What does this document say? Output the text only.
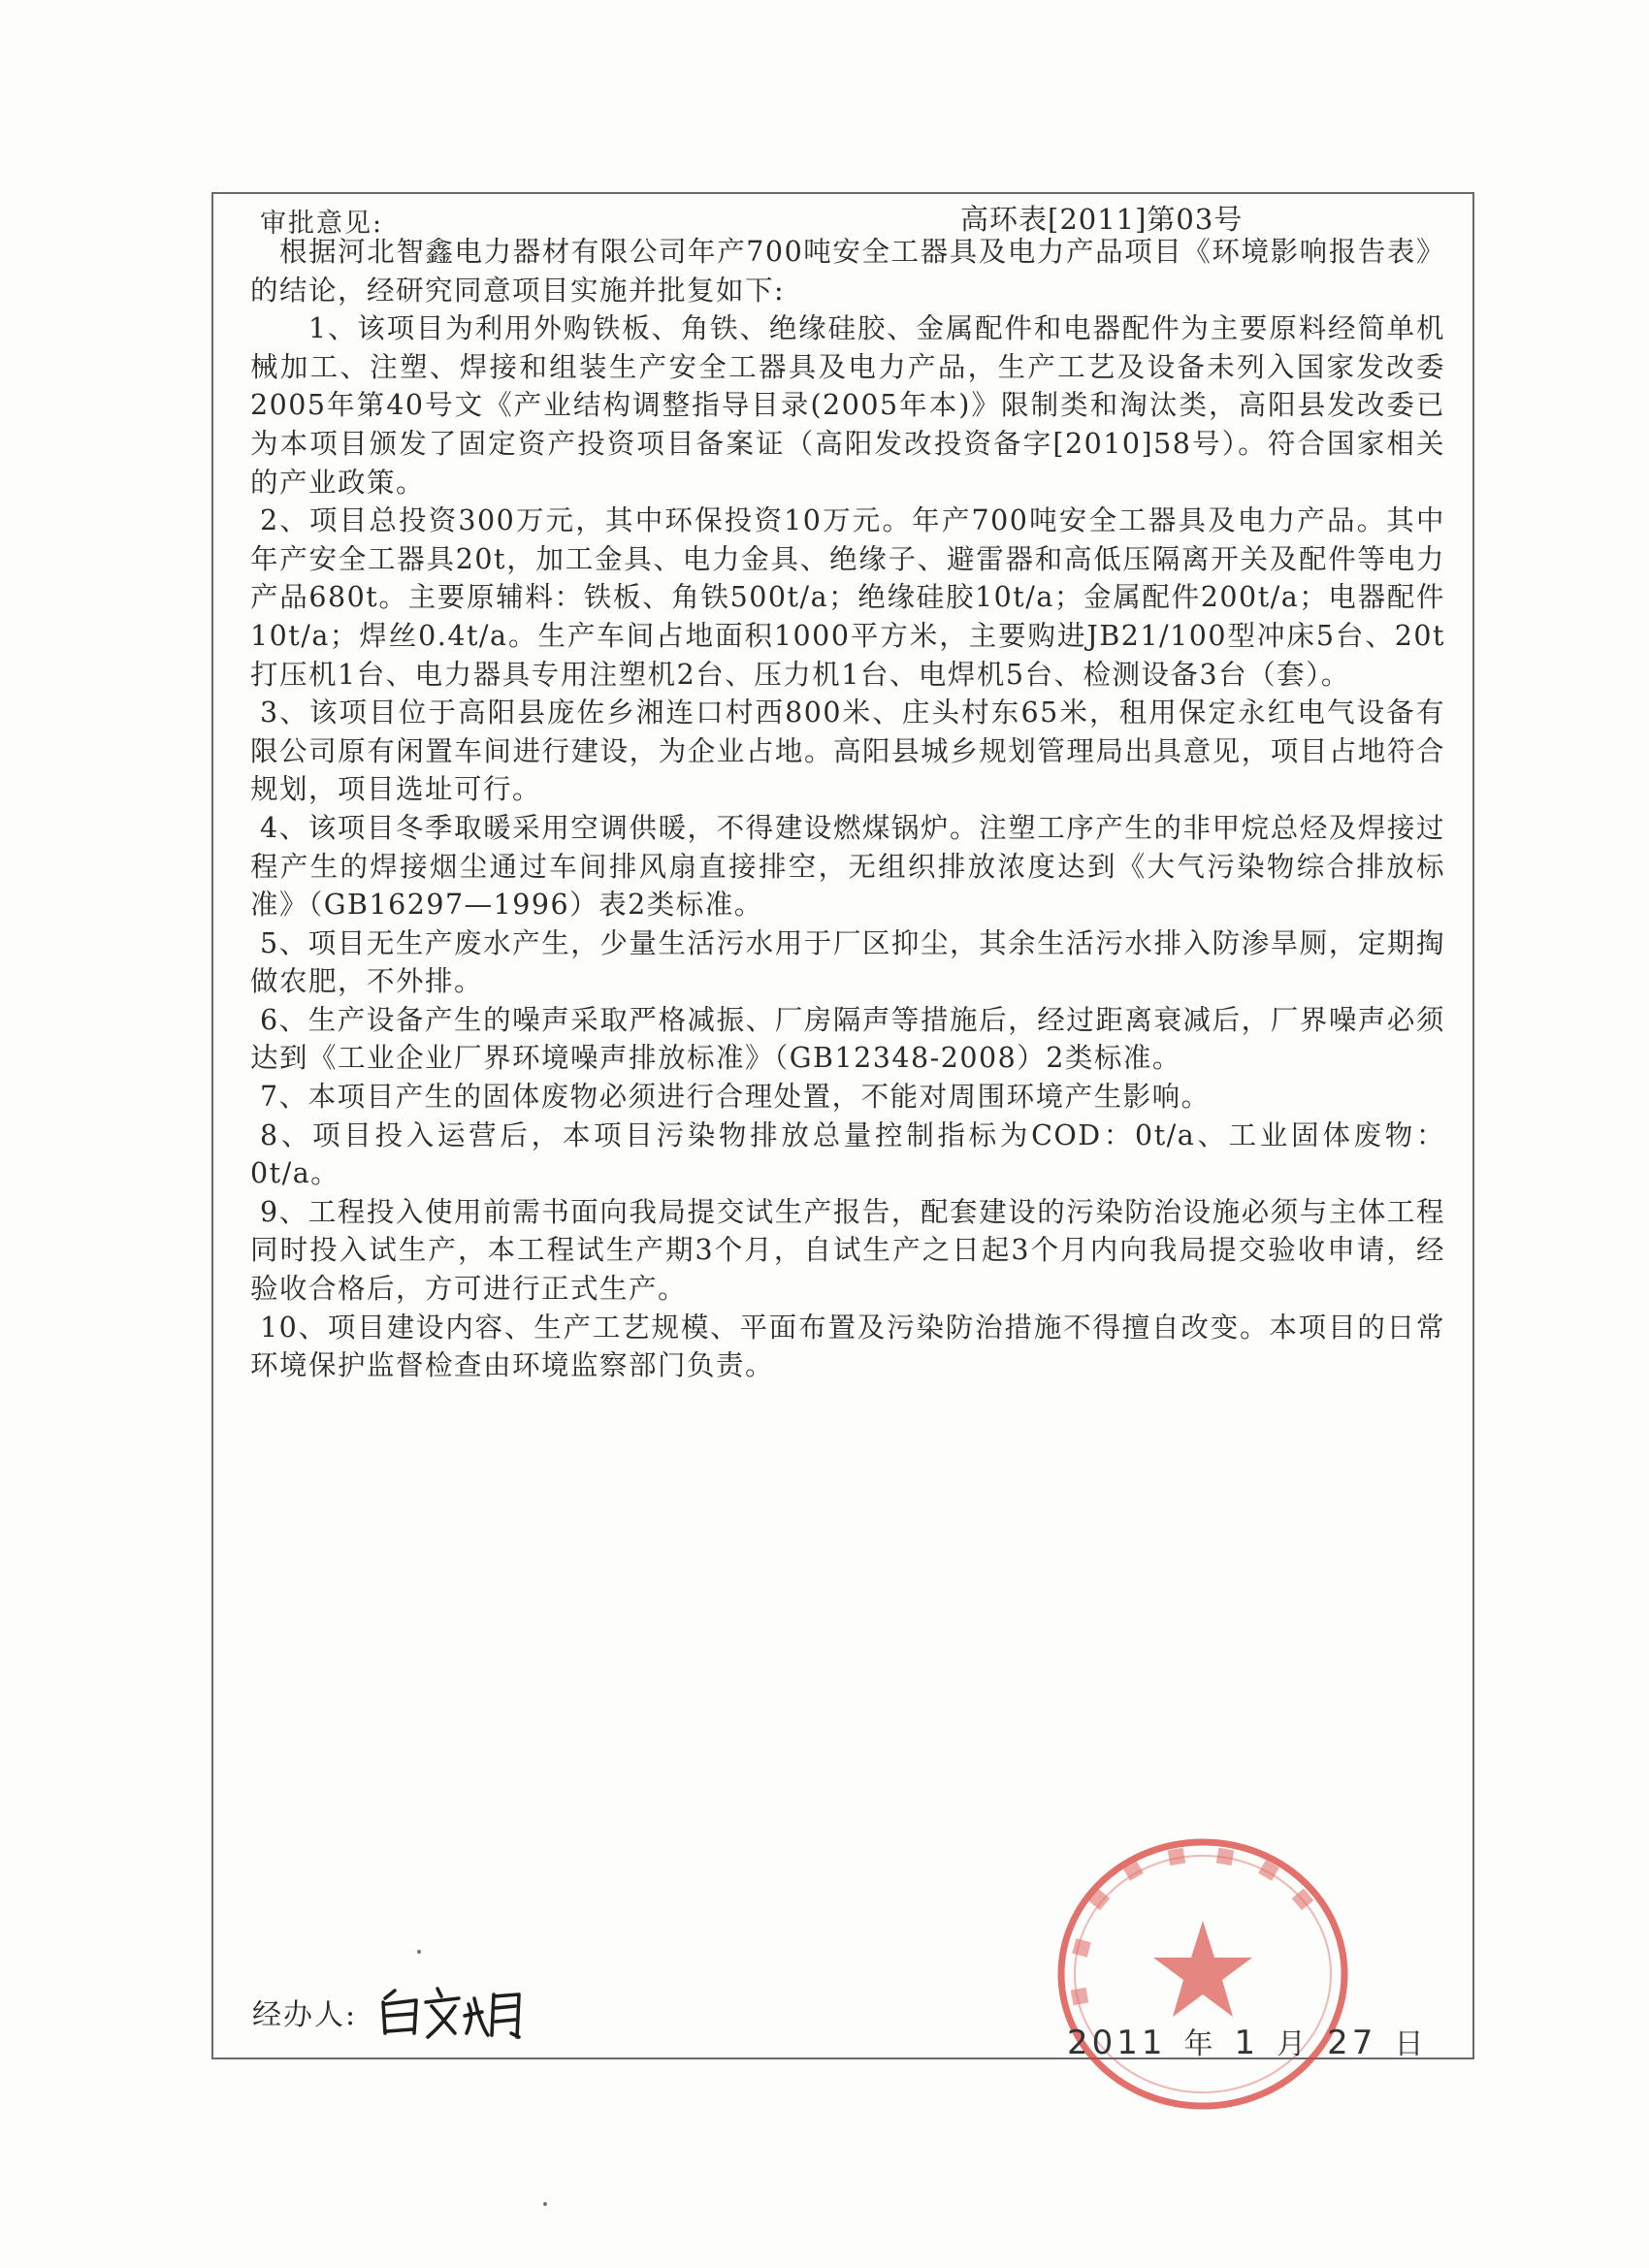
审批意见:	高环表[2011]第03号

根据河北智鑫电力器材有限公司年产700吨安全工器具及电力产品项目《环境影响报告表》的结论，经研究同意项目实施并批复如下:

1、该项目为利用外购铁板、角铁、绝缘硅胶、金属配件和电器配件为主要原料经简单机械加工、注塑、焊接和组装生产安全工器具及电力产品，生产工艺及设备未列入国家发改委2005年第40号文《产业结构调整指导目录(2005年本)》限制类和淘汰类，高阳县发改委已为本项目颁发了固定资产投资项目备案证（高阳发改投资备字[2010]58号）。符合国家相关的产业政策。

2、项目总投资300万元，其中环保投资10万元。年产700吨安全工器具及电力产品。其中年产安全工器具20t，加工金具、电力金具、绝缘子、避雷器和高低压隔离开关及配件等电力产品680t。主要原辅料：铁板、角铁500t/a；绝缘硅胶10t/a；金属配件200t/a；电器配件10t/a；焊丝0.4t/a。生产车间占地面积1000平方米，主要购进JB21/100型冲床5台、20t打压机1台、电力器具专用注塑机2台、压力机1台、电焊机5台、检测设备3台（套）。

3、该项目位于高阳县庞佐乡湘连口村西800米、庄头村东65米，租用保定永红电气设备有限公司原有闲置车间进行建设，为企业占地。高阳县城乡规划管理局出具意见，项目占地符合规划，项目选址可行。

4、该项目冬季取暖采用空调供暖，不得建设燃煤锅炉。注塑工序产生的非甲烷总烃及焊接过程产生的焊接烟尘通过车间排风扇直接排空，无组织排放浓度达到《大气污染物综合排放标准》（GB16297—1996）表2类标准。

5、项目无生产废水产生，少量生活污水用于厂区抑尘，其余生活污水排入防渗旱厕，定期掏做农肥，不外排。

6、生产设备产生的噪声采取严格减振、厂房隔声等措施后，经过距离衰减后，厂界噪声必须达到《工业企业厂界环境噪声排放标准》（GB12348-2008）2类标准。

7、本项目产生的固体废物必须进行合理处置，不能对周围环境产生影响。

8、项目投入运营后，本项目污染物排放总量控制指标为COD：0t/a、工业固体废物：0t/a。

9、工程投入使用前需书面向我局提交试生产报告，配套建设的污染防治设施必须与主体工程同时投入试生产，本工程试生产期3个月，自试生产之日起3个月内向我局提交验收申请，经验收合格后，方可进行正式生产。

10、项目建设内容、生产工艺规模、平面布置及污染防治措施不得擅自改变。本项目的日常环境保护监督检查由环境监察部门负责。

经办人:
2011 年 1 月 27 日
